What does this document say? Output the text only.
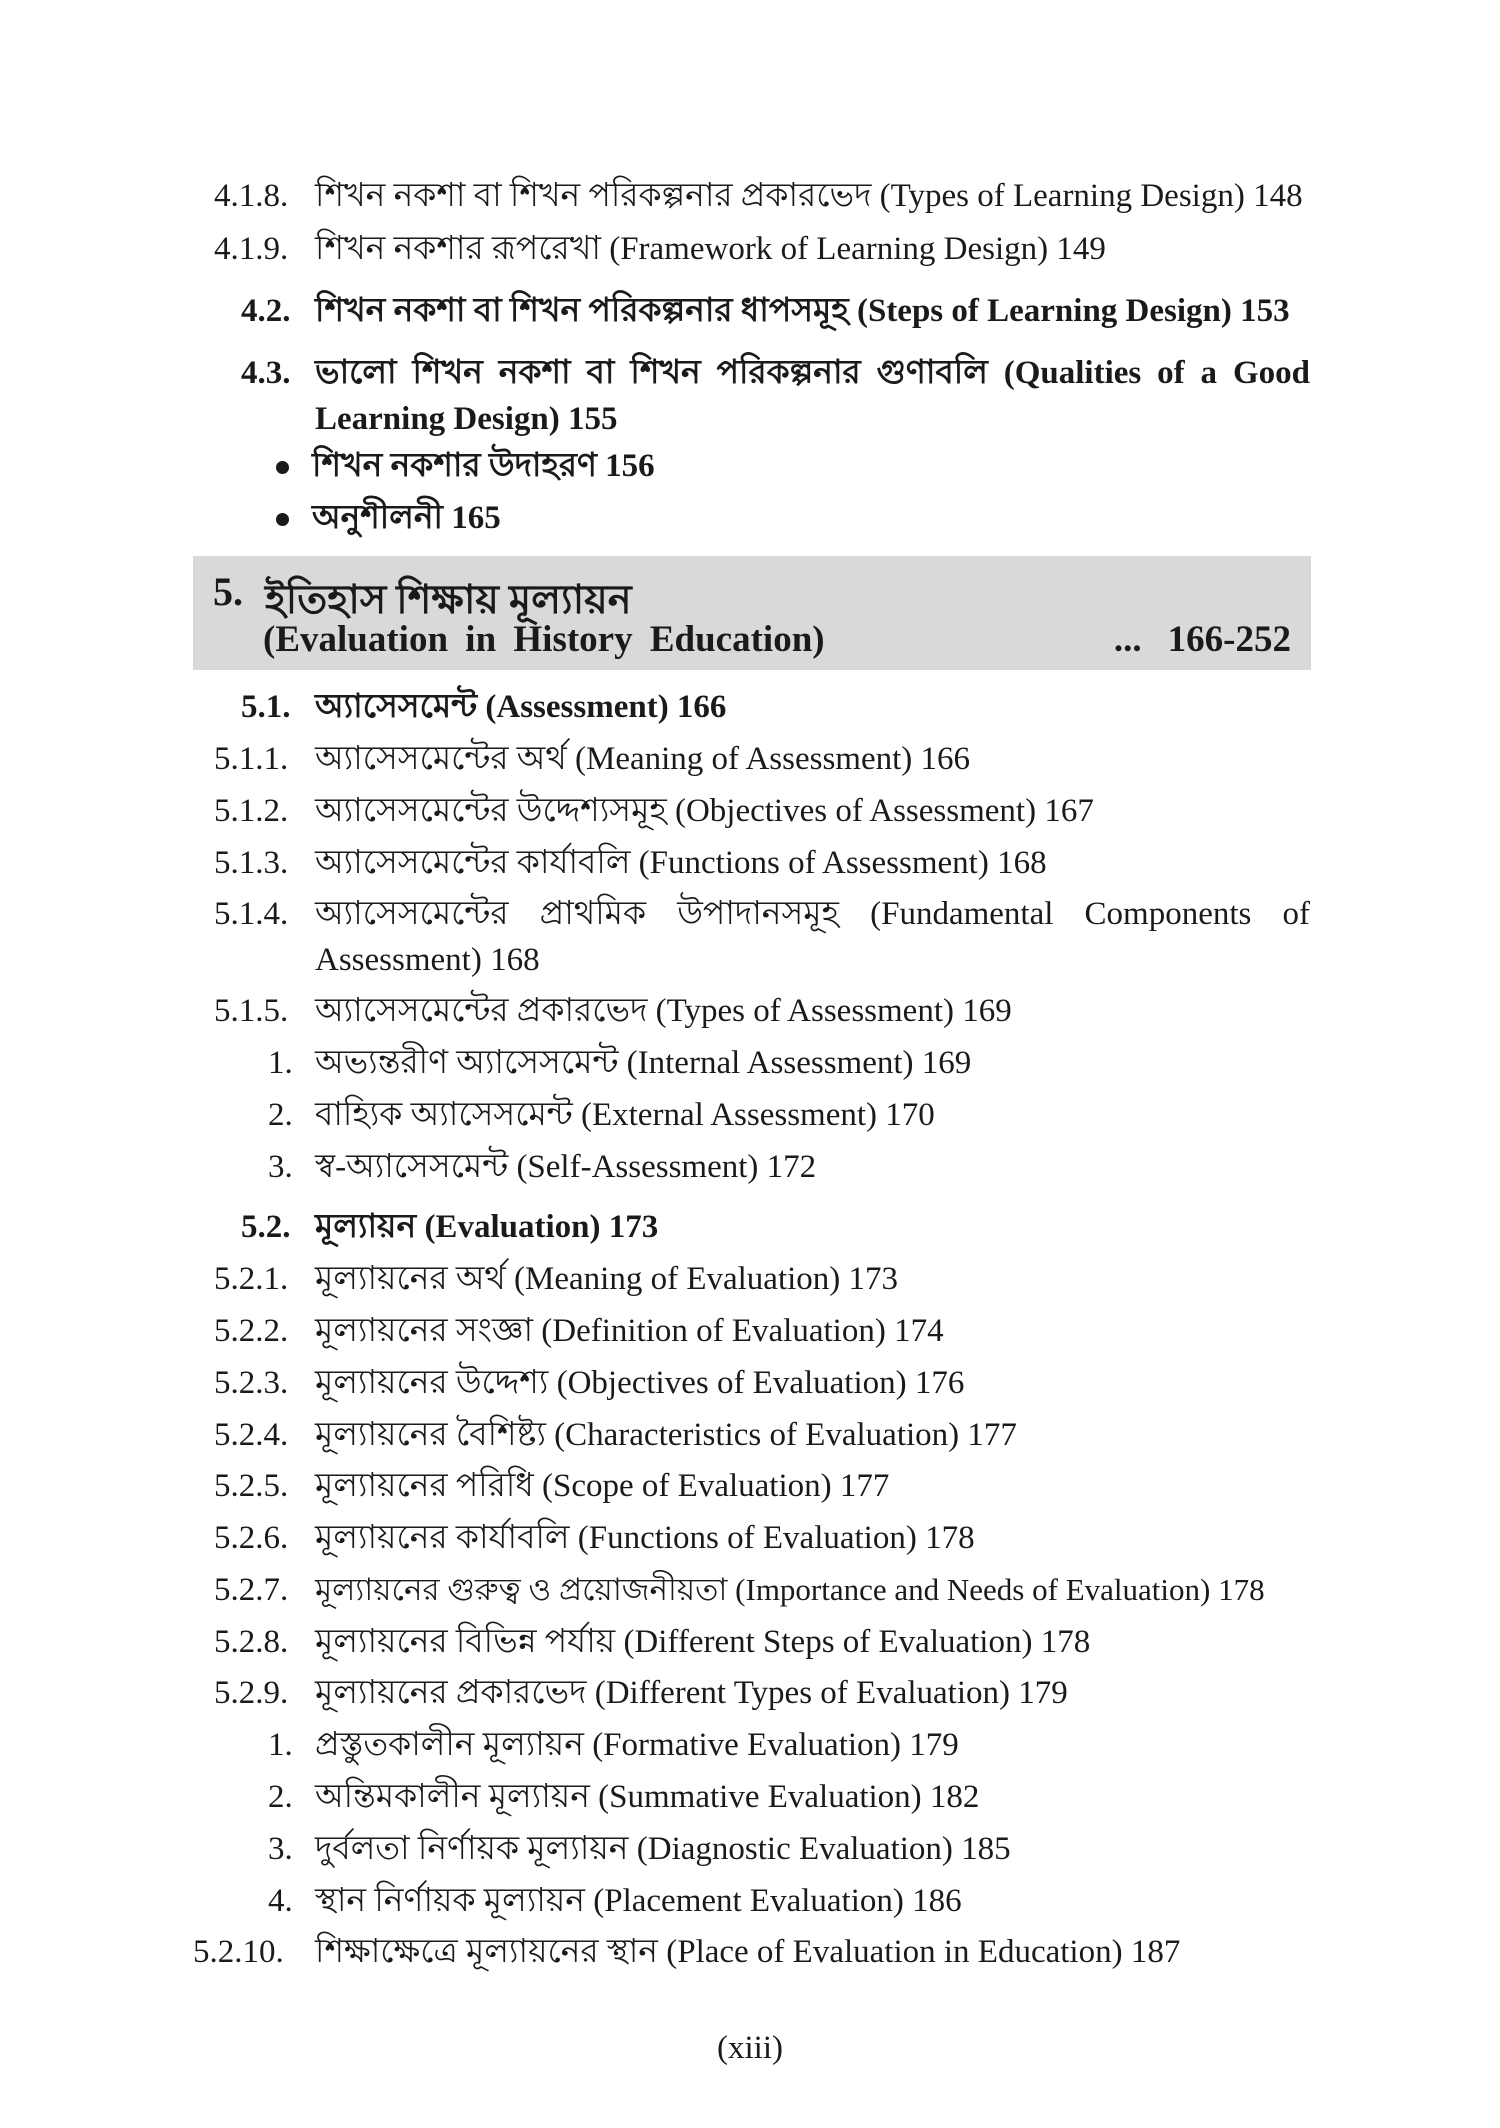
4.1.8. শিখন নকশা বা শিখন পরিকল্পনার প্রকারভেদ (Types of Learning Design) 148
4.1.9. শিখন নকশার রূপরেখা (Framework of Learning Design) 149
4.2. শিখন নকশা বা শিখন পরিকল্পনার ধাপসমূহ (Steps of Learning Design) 153
4.3. ভালো শিখন নকশা বা শিখন পরিকল্পনার গুণাবলি (Qualities of a Good
Learning Design) 155
শিখন নকশার উদাহরণ 156
অনুশীলনী 165
5. ইতিহাস শিক্ষায় মূল্যায়ন
(Evaluation in History Education)	... 166-252
5.1. অ্যাসেসমেন্ট (Assessment) 166
5.1.1. অ্যাসেসমেন্টের অর্থ (Meaning of Assessment) 166
5.1.2. অ্যাসেসমেন্টের উদ্দেশ্যসমূহ (Objectives of Assessment) 167
5.1.3. অ্যাসেসমেন্টের কার্যাবলি (Functions of Assessment) 168
5.1.4. অ্যাসেসমেন্টের প্রাথমিক উপাদানসমূহ (Fundamental Components of
Assessment) 168
5.1.5. অ্যাসেসমেন্টের প্রকারভেদ (Types of Assessment) 169
1. অভ্যন্তরীণ অ্যাসেসমেন্ট (Internal Assessment) 169
2. বাহ্যিক অ্যাসেসমেন্ট (External Assessment) 170
3. স্ব-অ্যাসেসমেন্ট (Self-Assessment) 172
5.2. মূল্যায়ন (Evaluation) 173
5.2.1. মূল্যায়নের অর্থ (Meaning of Evaluation) 173
5.2.2. মূল্যায়নের সংজ্ঞা (Definition of Evaluation) 174
5.2.3. মূল্যায়নের উদ্দেশ্য (Objectives of Evaluation) 176
5.2.4. মূল্যায়নের বৈশিষ্ট্য (Characteristics of Evaluation) 177
5.2.5. মূল্যায়নের পরিধি (Scope of Evaluation) 177
5.2.6. মূল্যায়নের কার্যাবলি (Functions of Evaluation) 178
5.2.7. মূল্যায়নের গুরুত্ব ও প্রয়োজনীয়তা (Importance and Needs of Evaluation) 178
5.2.8. মূল্যায়নের বিভিন্ন পর্যায় (Different Steps of Evaluation) 178
5.2.9. মূল্যায়নের প্রকারভেদ (Different Types of Evaluation) 179
1. প্রস্তুতকালীন মূল্যায়ন (Formative Evaluation) 179
2. অন্তিমকালীন মূল্যায়ন (Summative Evaluation) 182
3. দুর্বলতা নির্ণায়ক মূল্যায়ন (Diagnostic Evaluation) 185
4. স্থান নির্ণায়ক মূল্যায়ন (Placement Evaluation) 186
5.2.10. শিক্ষাক্ষেত্রে মূল্যায়নের স্থান (Place of Evaluation in Education) 187
(xiii)
